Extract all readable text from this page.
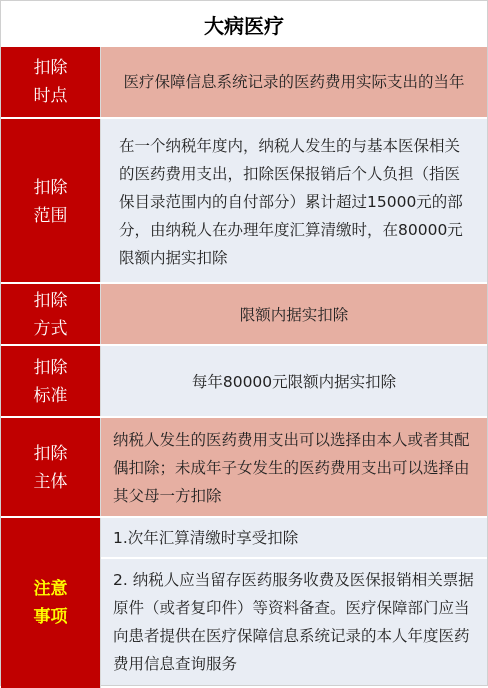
大病医疗
扣除
时点
医疗保障信息系统记录的医药费用实际支出的当年
扣除
范围
在一个纳税年度内，纳税人发生的与基本医保相关的医药费用支出，扣除医保报销后个人负担（指医保目录范围内的自付部分）累计超过15000元的部分，由纳税人在办理年度汇算清缴时，在80000元限额内据实扣除
扣除
方式
限额内据实扣除
扣除
标准
每年80000元限额内据实扣除
扣除
主体
纳税人发生的医药费用支出可以选择由本人或者其配偶扣除；未成年子女发生的医药费用支出可以选择由其父母一方扣除
注意
事项
1.次年汇算清缴时享受扣除
2. 纳税人应当留存医药服务收费及医保报销相关票据原件（或者复印件）等资料备查。医疗保障部门应当向患者提供在医疗保障信息系统记录的本人年度医药费用信息查询服务
